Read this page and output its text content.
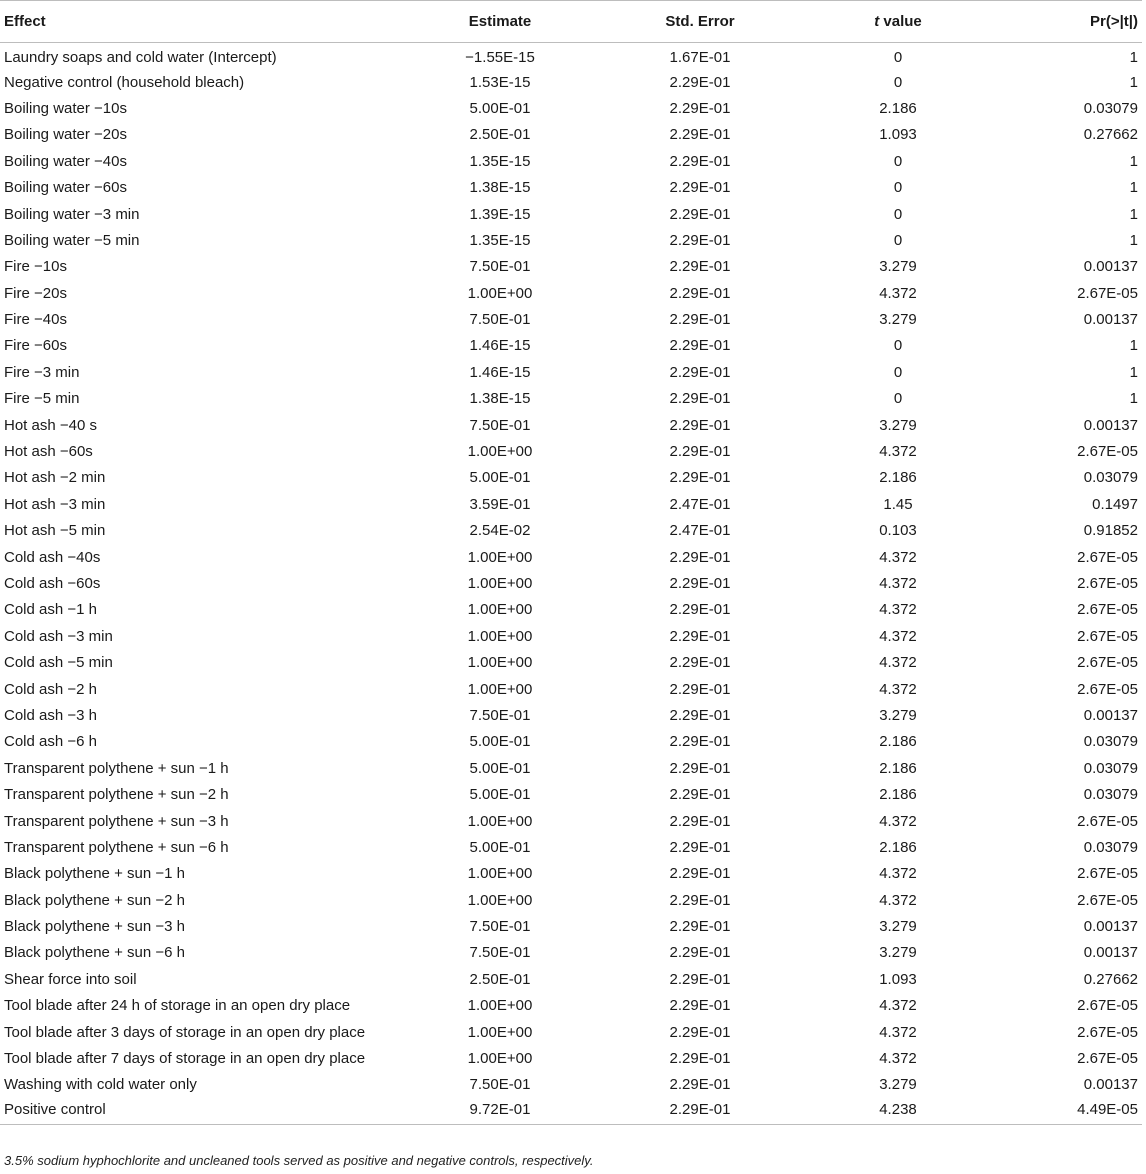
Effect	Estimate	Std. Error	t value	Pr(>|t|)
Laundry soaps and cold water (Intercept)	−1.55E-15	1.67E-01	0	1
Negative control (household bleach)	1.53E-15	2.29E-01	0	1
Boiling water −10s	5.00E-01	2.29E-01	2.186	0.03079
Boiling water −20s	2.50E-01	2.29E-01	1.093	0.27662
Boiling water −40s	1.35E-15	2.29E-01	0	1
Boiling water −60s	1.38E-15	2.29E-01	0	1
Boiling water −3 min	1.39E-15	2.29E-01	0	1
Boiling water −5 min	1.35E-15	2.29E-01	0	1
Fire −10s	7.50E-01	2.29E-01	3.279	0.00137
Fire −20s	1.00E+00	2.29E-01	4.372	2.67E-05
Fire −40s	7.50E-01	2.29E-01	3.279	0.00137
Fire −60s	1.46E-15	2.29E-01	0	1
Fire −3 min	1.46E-15	2.29E-01	0	1
Fire −5 min	1.38E-15	2.29E-01	0	1
Hot ash −40 s	7.50E-01	2.29E-01	3.279	0.00137
Hot ash −60s	1.00E+00	2.29E-01	4.372	2.67E-05
Hot ash −2 min	5.00E-01	2.29E-01	2.186	0.03079
Hot ash −3 min	3.59E-01	2.47E-01	1.45	0.1497
Hot ash −5 min	2.54E-02	2.47E-01	0.103	0.91852
Cold ash −40s	1.00E+00	2.29E-01	4.372	2.67E-05
Cold ash −60s	1.00E+00	2.29E-01	4.372	2.67E-05
Cold ash −1 h	1.00E+00	2.29E-01	4.372	2.67E-05
Cold ash −3 min	1.00E+00	2.29E-01	4.372	2.67E-05
Cold ash −5 min	1.00E+00	2.29E-01	4.372	2.67E-05
Cold ash −2 h	1.00E+00	2.29E-01	4.372	2.67E-05
Cold ash −3 h	7.50E-01	2.29E-01	3.279	0.00137
Cold ash −6 h	5.00E-01	2.29E-01	2.186	0.03079
Transparent polythene + sun −1 h	5.00E-01	2.29E-01	2.186	0.03079
Transparent polythene + sun −2 h	5.00E-01	2.29E-01	2.186	0.03079
Transparent polythene + sun −3 h	1.00E+00	2.29E-01	4.372	2.67E-05
Transparent polythene + sun −6 h	5.00E-01	2.29E-01	2.186	0.03079
Black polythene + sun −1 h	1.00E+00	2.29E-01	4.372	2.67E-05
Black polythene + sun −2 h	1.00E+00	2.29E-01	4.372	2.67E-05
Black polythene + sun −3 h	7.50E-01	2.29E-01	3.279	0.00137
Black polythene + sun −6 h	7.50E-01	2.29E-01	3.279	0.00137
Shear force into soil	2.50E-01	2.29E-01	1.093	0.27662
Tool blade after 24 h of storage in an open dry place	1.00E+00	2.29E-01	4.372	2.67E-05
Tool blade after 3 days of storage in an open dry place	1.00E+00	2.29E-01	4.372	2.67E-05
Tool blade after 7 days of storage in an open dry place	1.00E+00	2.29E-01	4.372	2.67E-05
Washing with cold water only	7.50E-01	2.29E-01	3.279	0.00137
Positive control	9.72E-01	2.29E-01	4.238	4.49E-05
3.5% sodium hyphochlorite and uncleaned tools served as positive and negative controls, respectively.
